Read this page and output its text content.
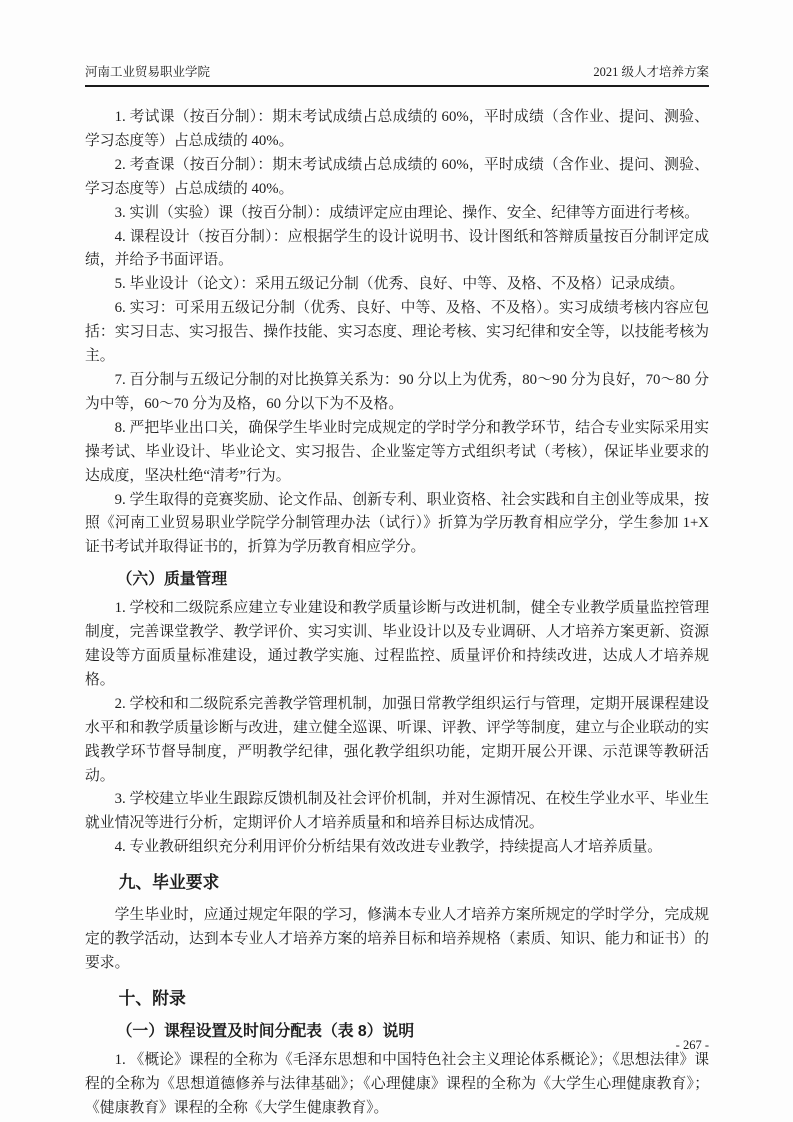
河南工业贸易职业学院	2021 级人才培养方案

1. 考试课（按百分制）：期末考试成绩占总成绩的 60%，平时成绩（含作业、提问、测验、学习态度等）占总成绩的 40%。

2. 考查课（按百分制）：期末考试成绩占总成绩的 60%，平时成绩（含作业、提问、测验、学习态度等）占总成绩的 40%。

3. 实训（实验）课（按百分制）：成绩评定应由理论、操作、安全、纪律等方面进行考核。

4. 课程设计（按百分制）：应根据学生的设计说明书、设计图纸和答辩质量按百分制评定成绩，并给予书面评语。

5. 毕业设计（论文）：采用五级记分制（优秀、良好、中等、及格、不及格）记录成绩。

6. 实习：可采用五级记分制（优秀、良好、中等、及格、不及格）。实习成绩考核内容应包括：实习日志、实习报告、操作技能、实习态度、理论考核、实习纪律和安全等，以技能考核为主。

7. 百分制与五级记分制的对比换算关系为：90 分以上为优秀，80～90 分为良好，70～80 分为中等，60～70 分为及格，60 分以下为不及格。

8. 严把毕业出口关，确保学生毕业时完成规定的学时学分和教学环节，结合专业实际采用实操考试、毕业设计、毕业论文、实习报告、企业鉴定等方式组织考试（考核），保证毕业要求的达成度，坚决杜绝“清考”行为。

9. 学生取得的竞赛奖励、论文作品、创新专利、职业资格、社会实践和自主创业等成果，按照《河南工业贸易职业学院学分制管理办法（试行）》折算为学历教育相应学分，学生参加 1+X 证书考试并取得证书的，折算为学历教育相应学分。

（六）质量管理

1. 学校和二级院系应建立专业建设和教学质量诊断与改进机制，健全专业教学质量监控管理制度，完善课堂教学、教学评价、实习实训、毕业设计以及专业调研、人才培养方案更新、资源建设等方面质量标准建设，通过教学实施、过程监控、质量评价和持续改进，达成人才培养规格。

2. 学校和和二级院系完善教学管理机制，加强日常教学组织运行与管理，定期开展课程建设水平和和教学质量诊断与改进，建立健全巡课、听课、评教、评学等制度，建立与企业联动的实践教学环节督导制度，严明教学纪律，强化教学组织功能，定期开展公开课、示范课等教研活动。

3. 学校建立毕业生跟踪反馈机制及社会评价机制，并对生源情况、在校生学业水平、毕业生就业情况等进行分析，定期评价人才培养质量和和培养目标达成情况。

4. 专业教研组织充分利用评价分析结果有效改进专业教学，持续提高人才培养质量。

九、毕业要求

学生毕业时，应通过规定年限的学习，修满本专业人才培养方案所规定的学时学分，完成规定的教学活动，达到本专业人才培养方案的培养目标和培养规格（素质、知识、能力和证书）的要求。

十、附录
（一）课程设置及时间分配表（表 8）说明

1. 《概论》课程的全称为《毛泽东思想和中国特色社会主义理论体系概论》；《思想法律》课程的全称为《思想道德修养与法律基础》；《心理健康》课程的全称为《大学生心理健康教育》；《健康教育》课程的全称《大学生健康教育》。

- 267 -
